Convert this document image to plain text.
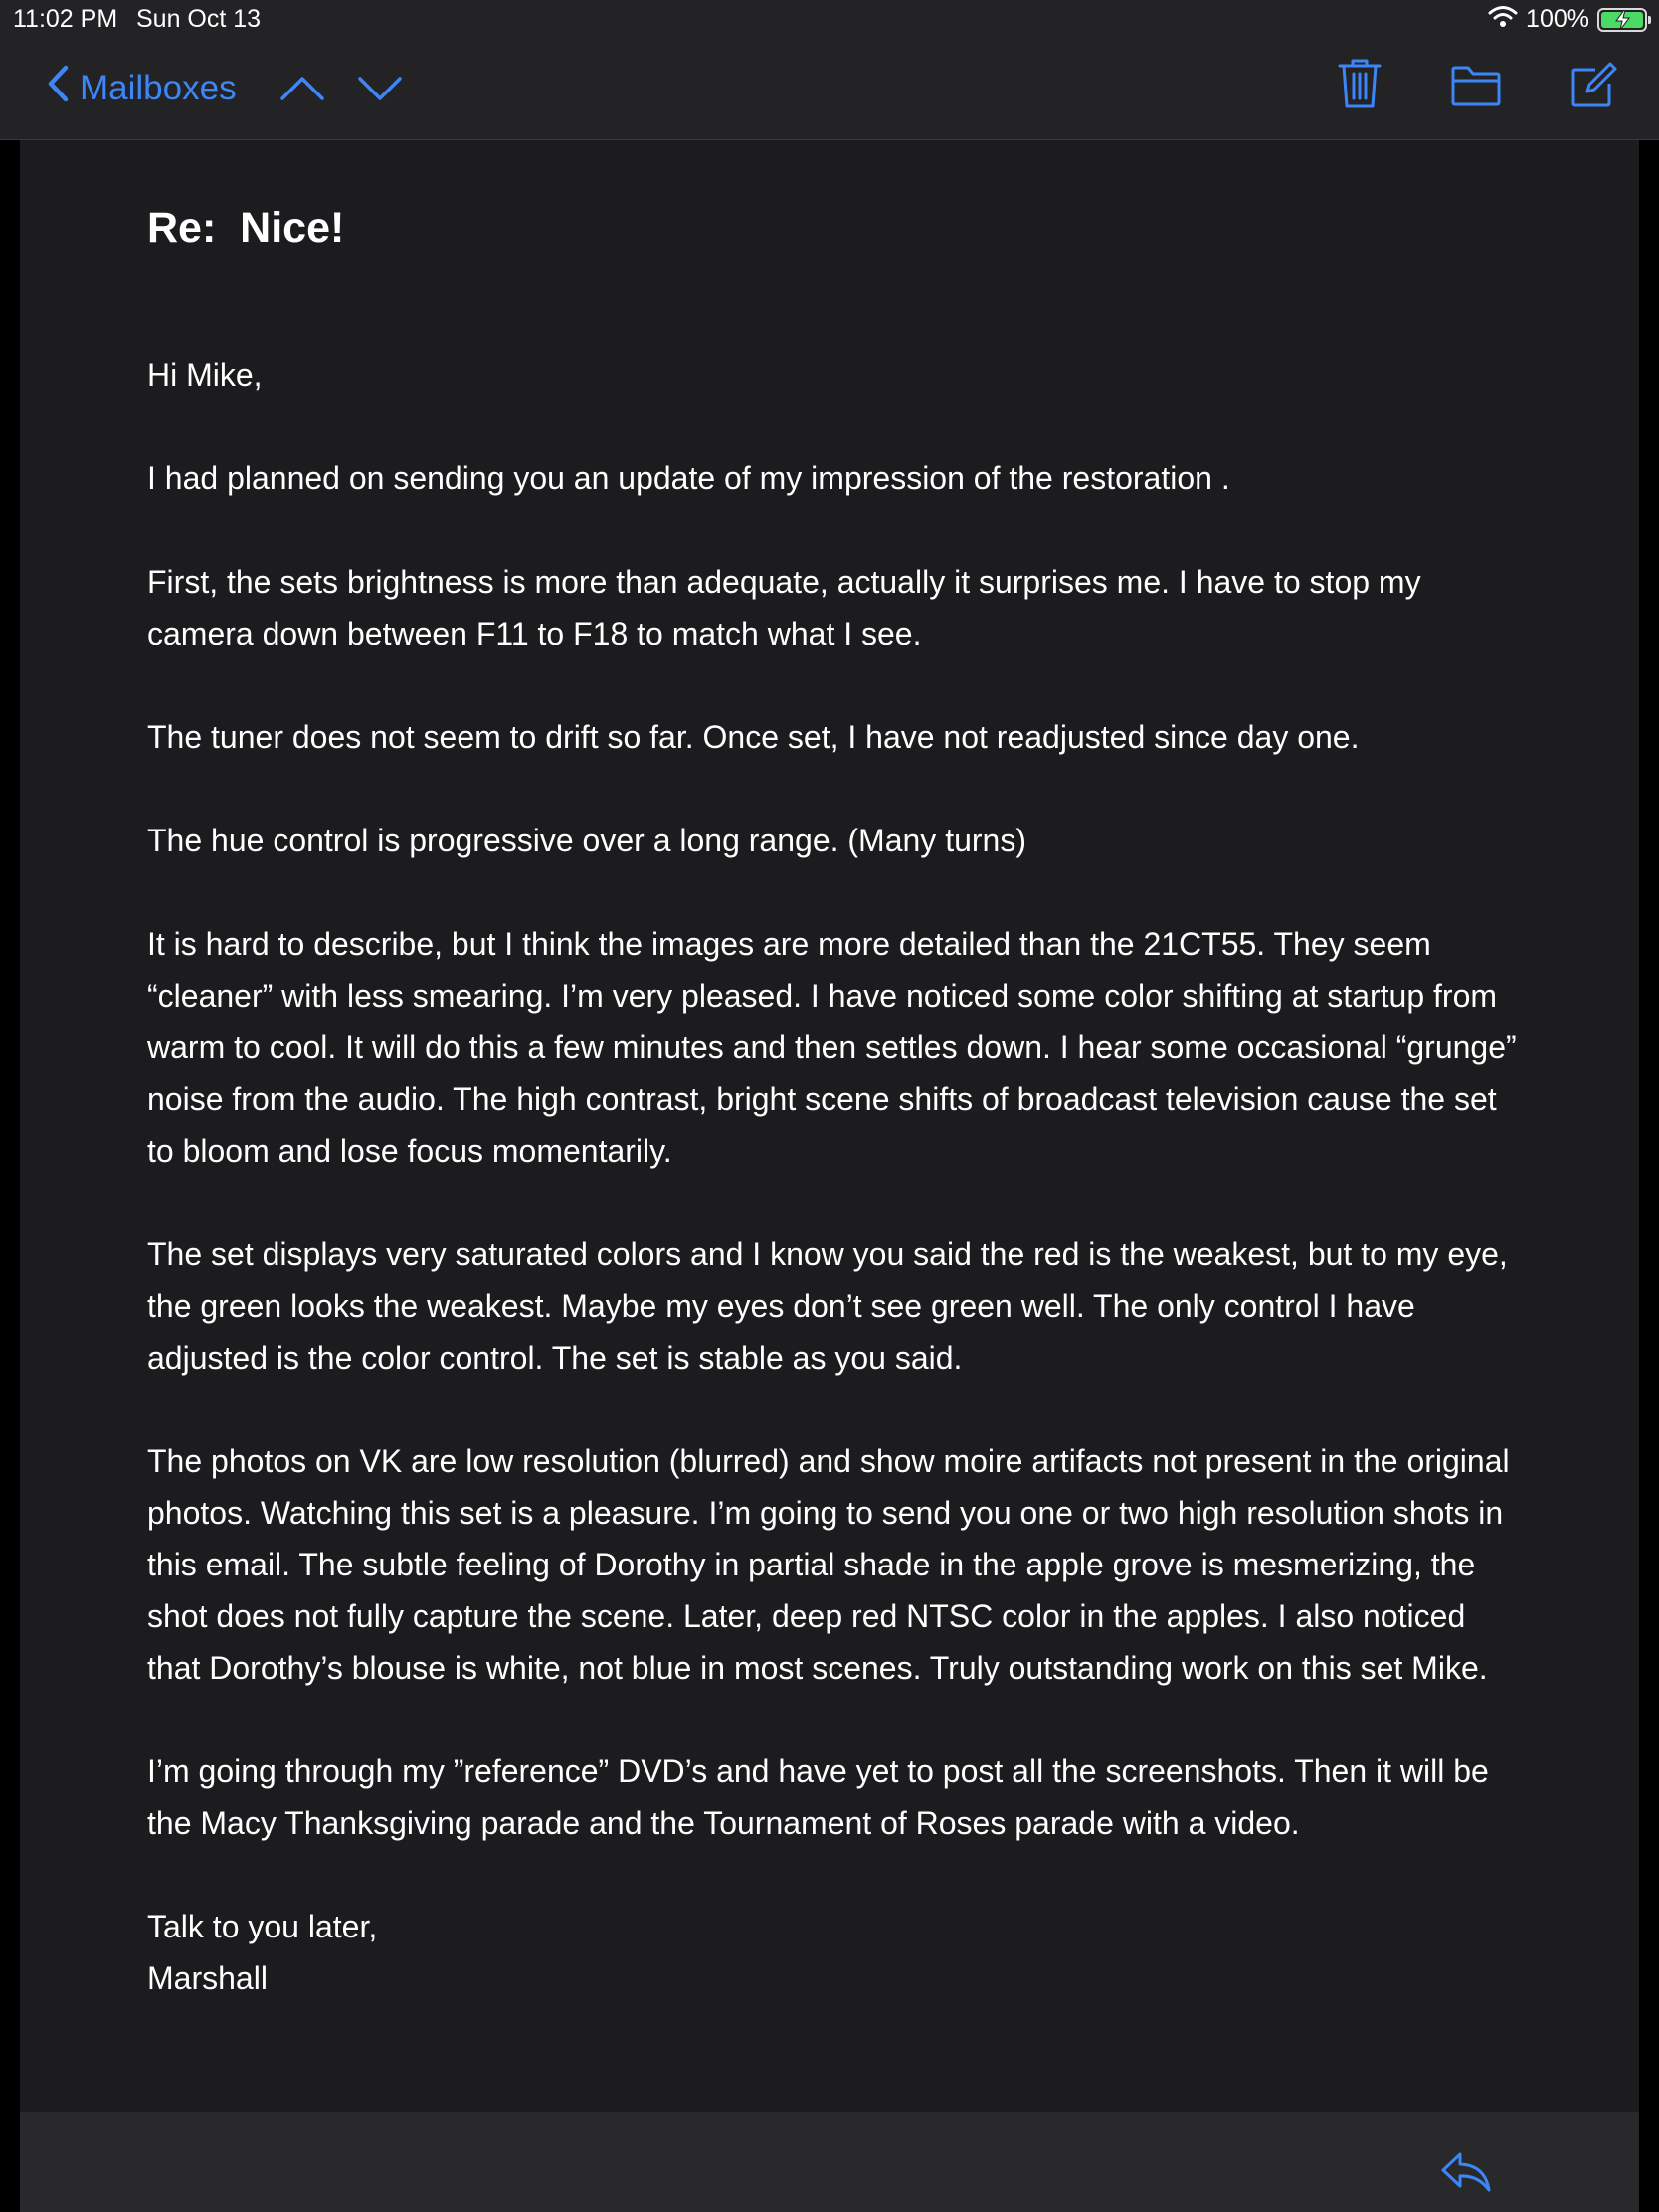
11:02 PM Sun Oct 13	100%
Mailboxes
Re:  Nice!

Hi Mike,

I had planned on sending you an update of my impression of the restoration .

First, the sets brightness is more than adequate, actually it surprises me. I have to stop my camera down between F11 to F18 to match what I see.

The tuner does not seem to drift so far. Once set, I have not readjusted since day one.

The hue control is progressive over a long range. (Many turns)

It is hard to describe, but I think the images are more detailed than the 21CT55. They seem “cleaner” with less smearing. I’m very pleased. I have noticed some color shifting at startup from warm to cool. It will do this a few minutes and then settles down. I hear some occasional “grunge” noise from the audio. The high contrast, bright scene shifts of broadcast television cause the set to bloom and lose focus momentarily.

The set displays very saturated colors and I know you said the red is the weakest, but to my eye, the green looks the weakest. Maybe my eyes don’t see green well. The only control I have adjusted is the color control. The set is stable as you said.

The photos on VK are low resolution (blurred) and show moire artifacts not present in the original photos. Watching this set is a pleasure. I’m going to send you one or two high resolution shots in this email. The subtle feeling of Dorothy in partial shade in the apple grove is mesmerizing, the shot does not fully capture the scene. Later, deep red NTSC color in the apples. I also noticed that Dorothy’s blouse is white, not blue in most scenes. Truly outstanding work on this set Mike.

I’m going through my ”reference” DVD’s and have yet to post all the screenshots. Then it will be the Macy Thanksgiving parade and the Tournament of Roses parade with a video.

Talk to you later,

Marshall
